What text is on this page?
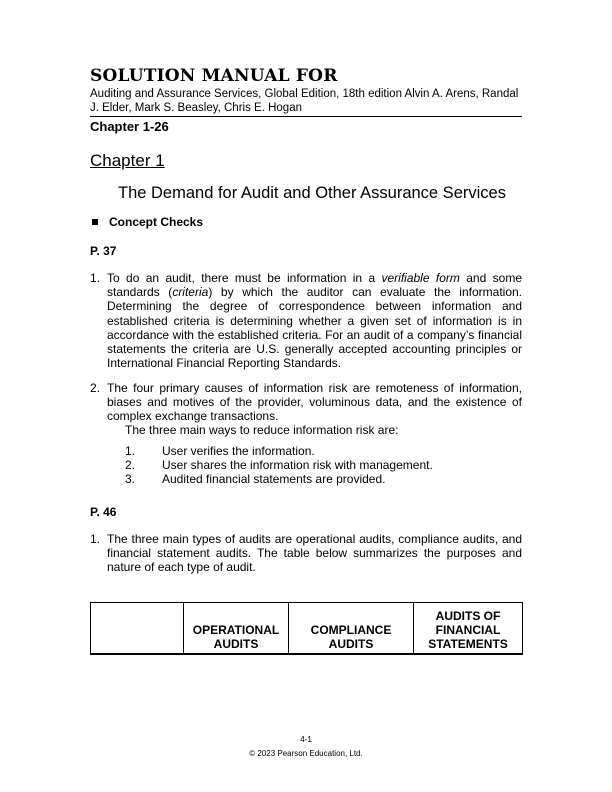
SOLUTION MANUAL FOR
Auditing and Assurance Services, Global Edition, 18th edition Alvin A. Arens, Randal J. Elder, Mark S. Beasley, Chris E. Hogan
Chapter 1-26
Chapter 1
The Demand for Audit and Other Assurance Services
Concept Checks
P. 37
1. To do an audit, there must be information in a verifiable form and some standards (criteria) by which the auditor can evaluate the information. Determining the degree of correspondence between information and established criteria is determining whether a given set of information is in accordance with the established criteria. For an audit of a company’s financial statements the criteria are U.S. generally accepted accounting principles or International Financial Reporting Standards.
2. The four primary causes of information risk are remoteness of information, biases and motives of the provider, voluminous data, and the existence of complex exchange transactions.
The three main ways to reduce information risk are:
1. User verifies the information.
2. User shares the information risk with management.
3. Audited financial statements are provided.
P. 46
1. The three main types of audits are operational audits, compliance audits, and financial statement audits. The table below summarizes the purposes and nature of each type of audit.
	OPERATIONAL AUDITS	COMPLIANCE AUDITS	AUDITS OF FINANCIAL STATEMENTS
4-1
© 2023 Pearson Education, Ltd.
